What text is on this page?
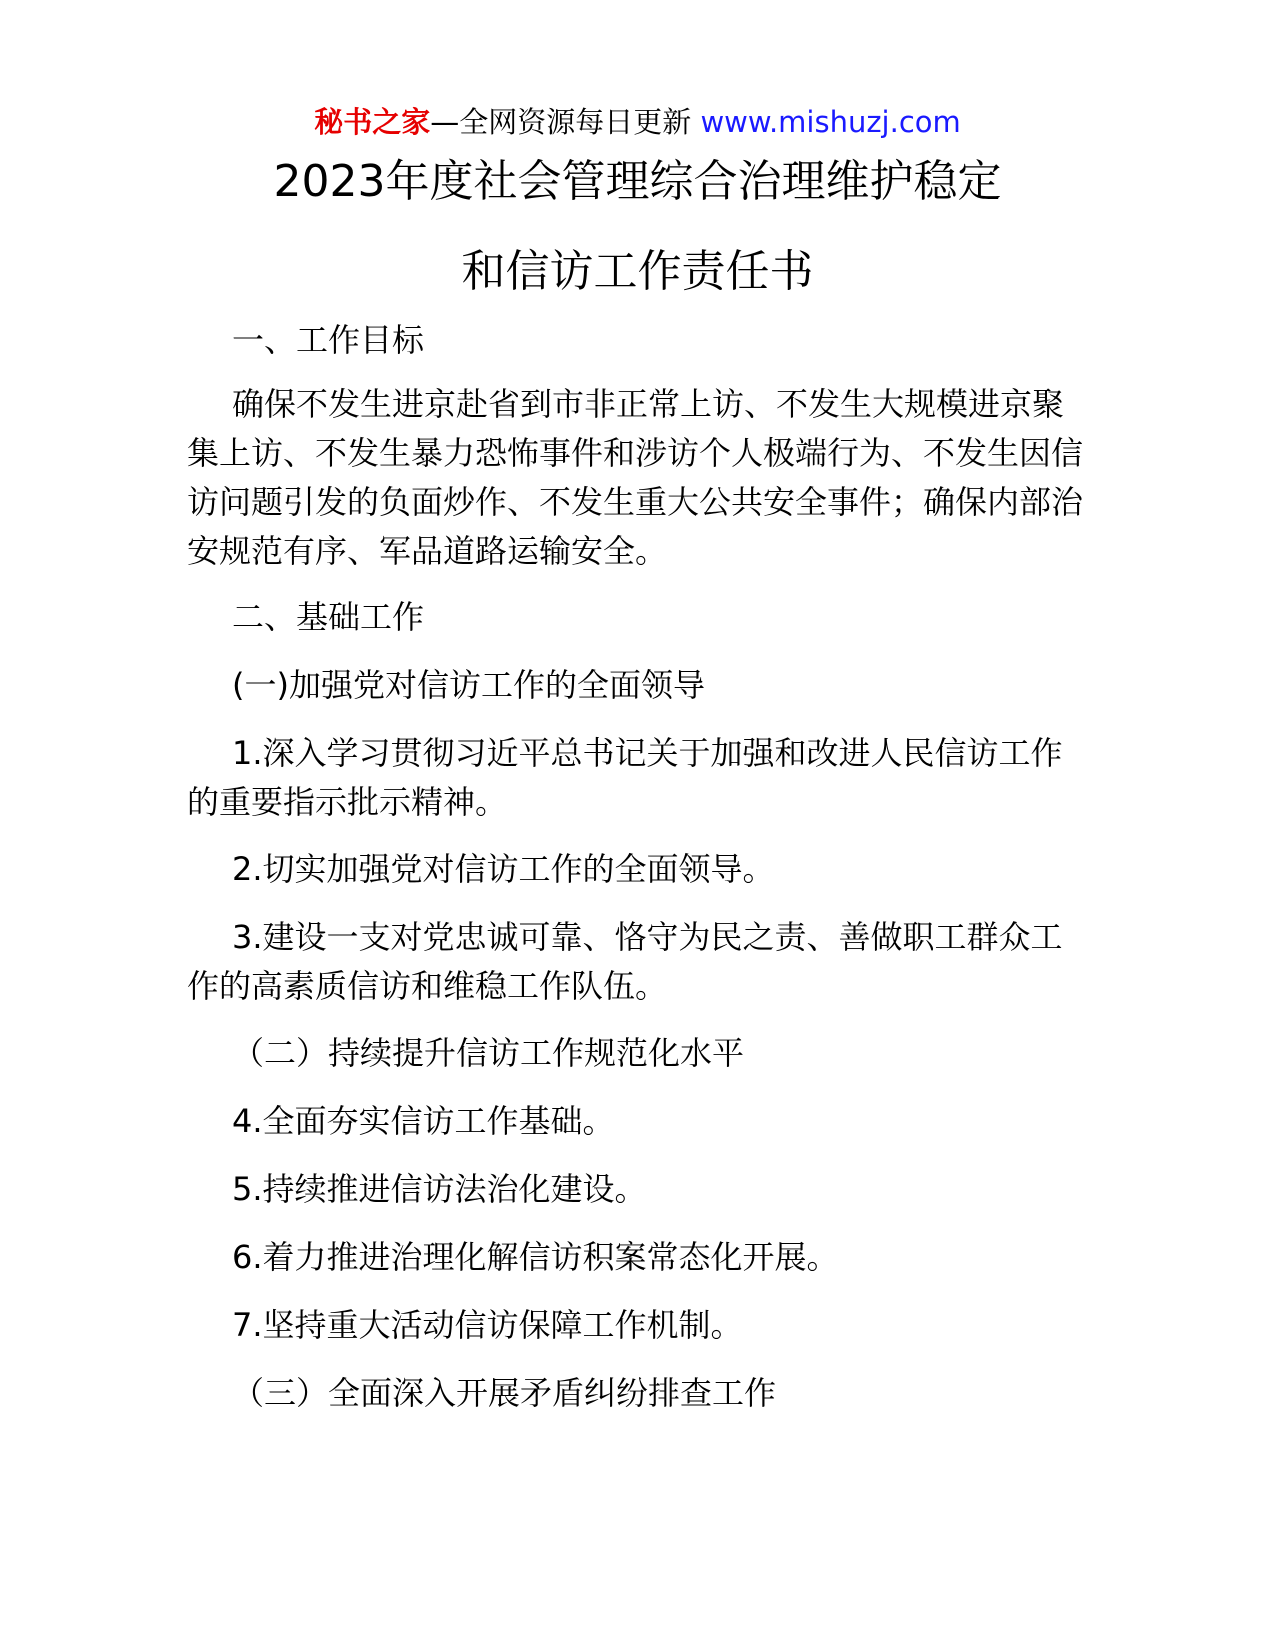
秘书之家—全网资源每日更新 www.mishuzj.com
2023年度社会管理综合治理维护稳定
和信访工作责任书

一、工作目标

确保不发生进京赴省到市非正常上访、不发生大规模进京聚集上访、不发生暴力恐怖事件和涉访个人极端行为、不发生因信访问题引发的负面炒作、不发生重大公共安全事件；确保内部治安规范有序、军品道路运输安全。

二、基础工作

(一)加强党对信访工作的全面领导

1.深入学习贯彻习近平总书记关于加强和改进人民信访工作的重要指示批示精神。

2.切实加强党对信访工作的全面领导。

3.建设一支对党忠诚可靠、恪守为民之责、善做职工群众工作的高素质信访和维稳工作队伍。

（二）持续提升信访工作规范化水平

4.全面夯实信访工作基础。

5.持续推进信访法治化建设。

6.着力推进治理化解信访积案常态化开展。

7.坚持重大活动信访保障工作机制。

（三）全面深入开展矛盾纠纷排查工作
